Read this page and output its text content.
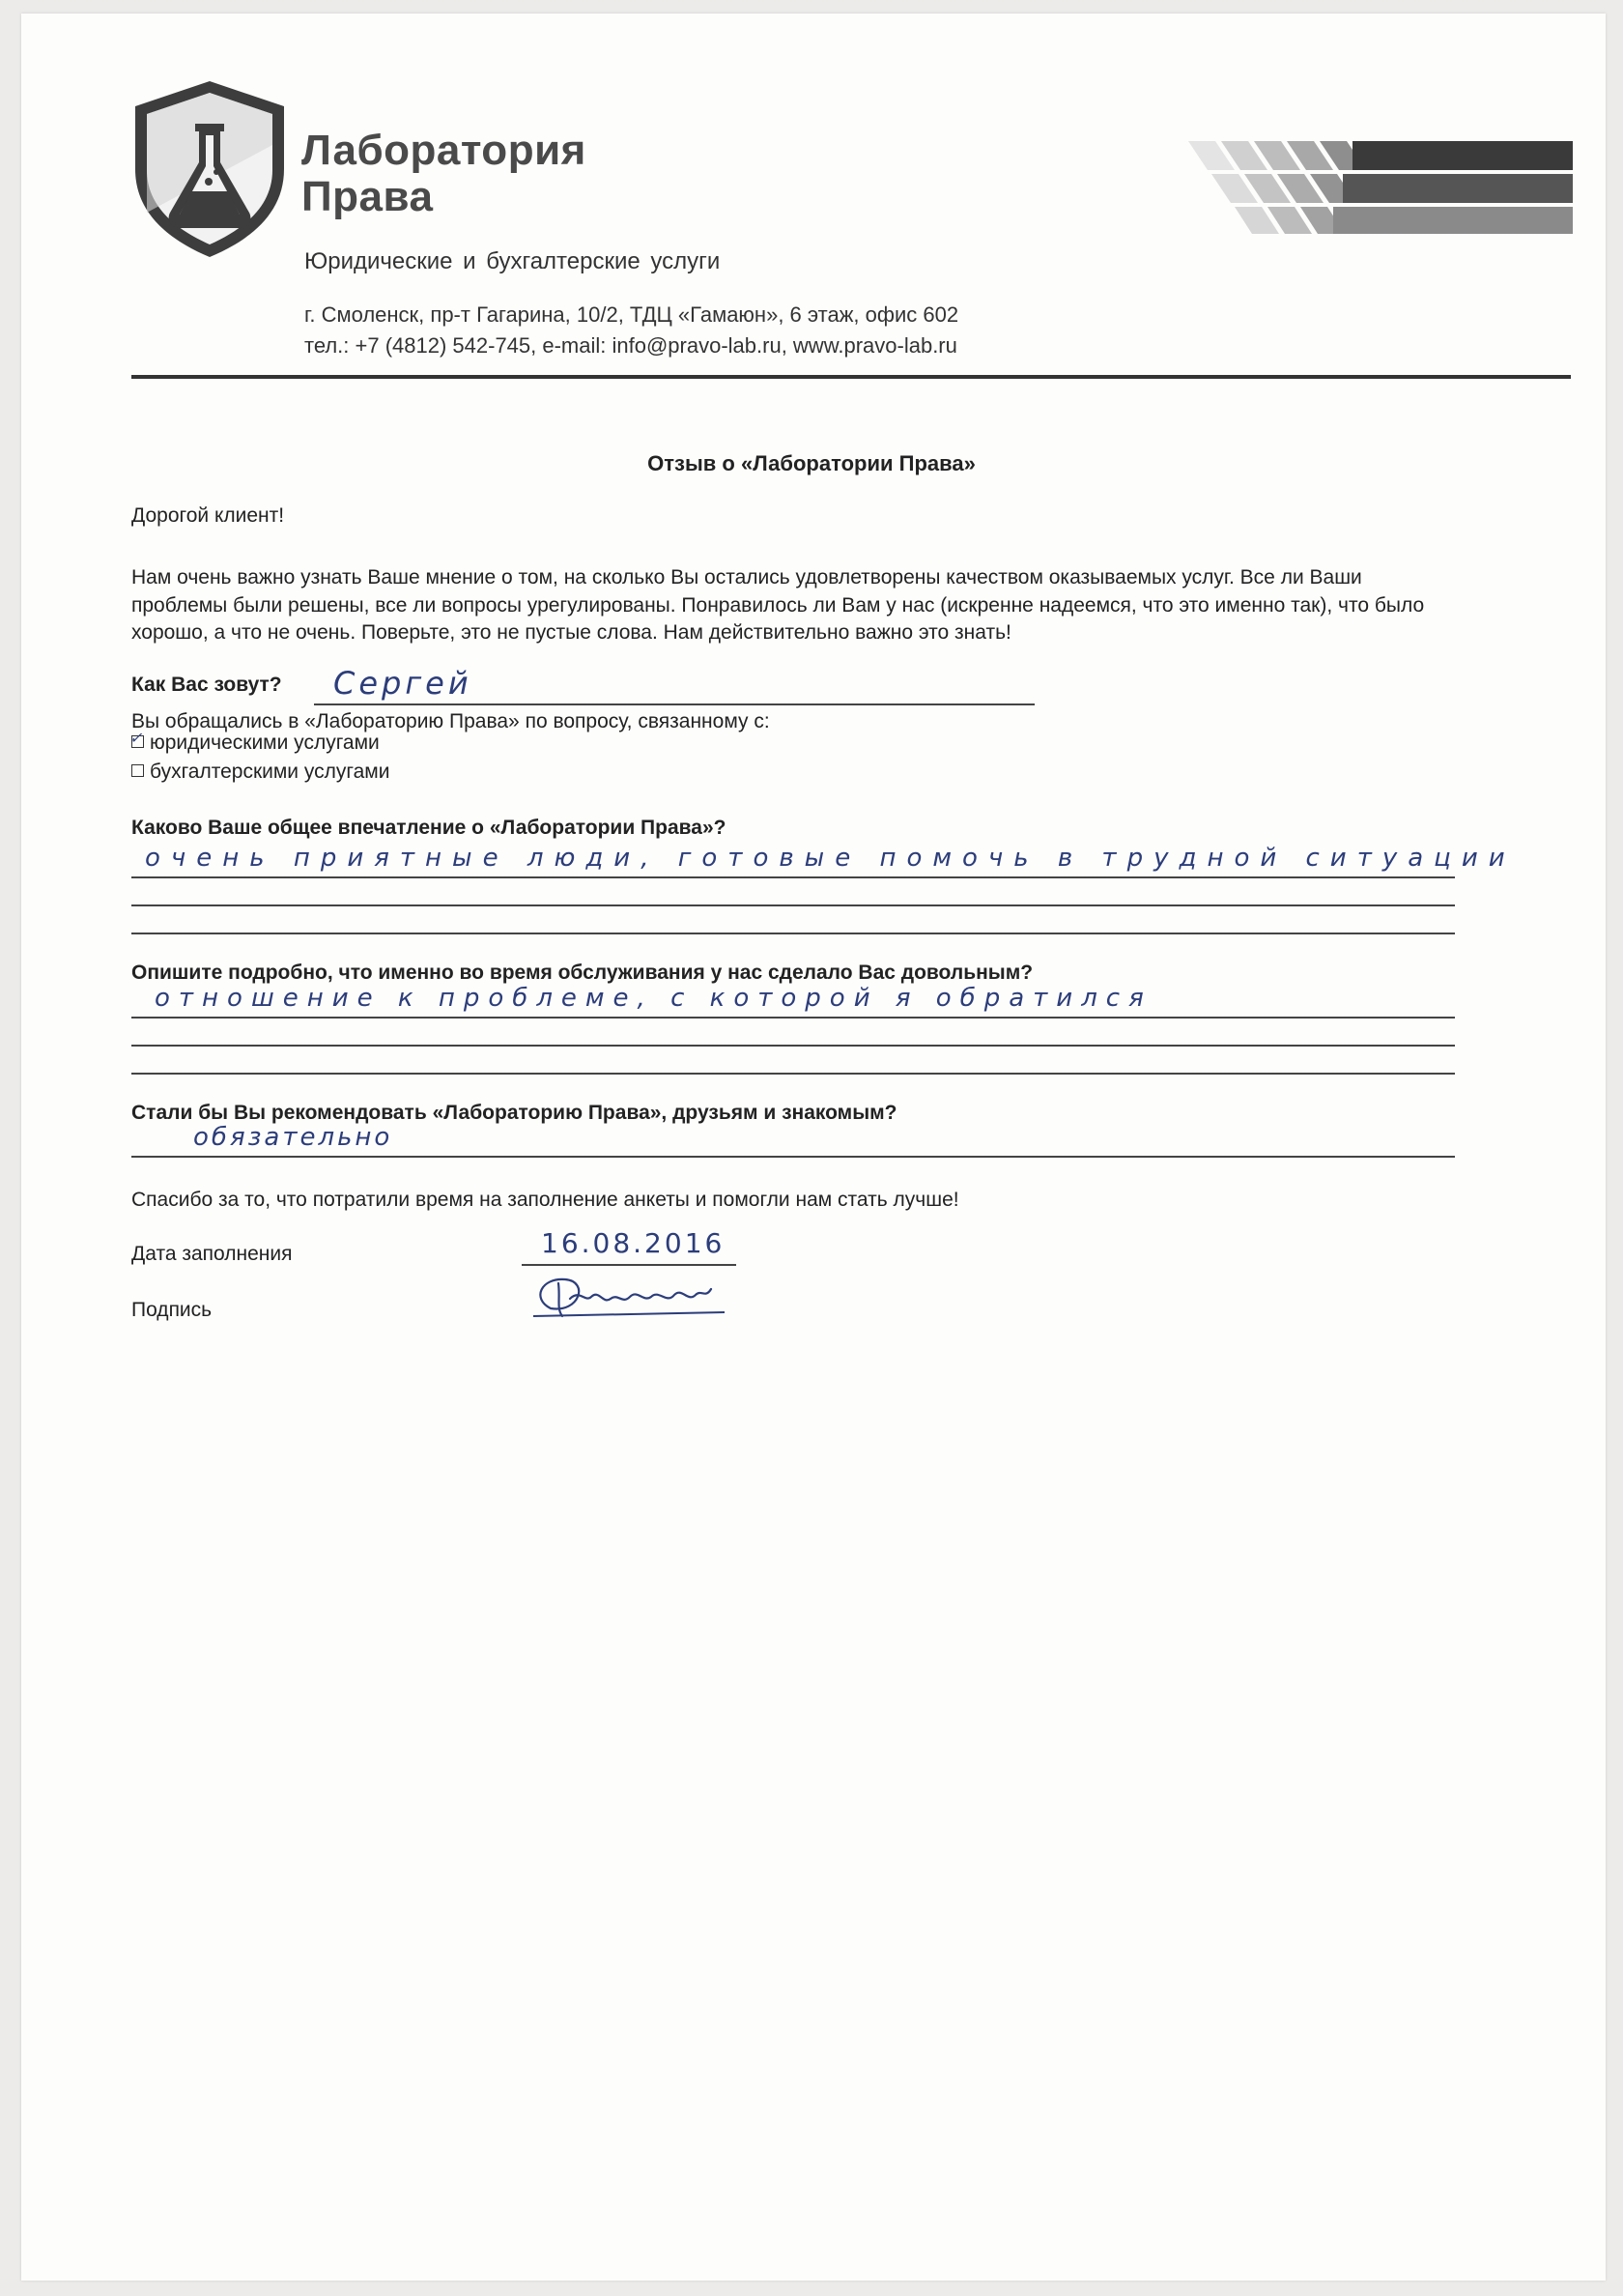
Лаборатория
Права
Юридические и бухгалтерские услуги
г. Смоленск, пр-т Гагарина, 10/2, ТДЦ «Гамаюн», 6 этаж, офис 602
тел.: +7 (4812) 542-745, e-mail: info@pravo-lab.ru, www.pravo-lab.ru
Отзыв о «Лаборатории Права»
Дорогой клиент!
Нам очень важно узнать Ваше мнение о том, на сколько Вы остались удовлетворены качеством оказываемых услуг. Все ли Ваши проблемы были решены, все ли вопросы урегулированы. Понравилось ли Вам у нас (искренне надеемся, что это именно так), что было хорошо, а что не очень. Поверьте, это не пустые слова. Нам действительно важно это знать!
Как Вас зовут? Сергей
Вы обращались в «Лабораторию Права» по вопросу, связанному с:
✓ юридическими услугами
бухгалтерскими услугами
Каково Ваше общее впечатление о «Лаборатории Права»?
очень приятные люди, готовые помочь в трудной ситуации
Опишите подробно, что именно во время обслуживания у нас сделало Вас довольным?
отношение к проблеме, с которой я обратился
Стали бы Вы рекомендовать «Лабораторию Права», друзьям и знакомым?
обязательно
Спасибо за то, что потратили время на заполнение анкеты и помогли нам стать лучше!
Дата заполнения	16.08.2016
Подпись
